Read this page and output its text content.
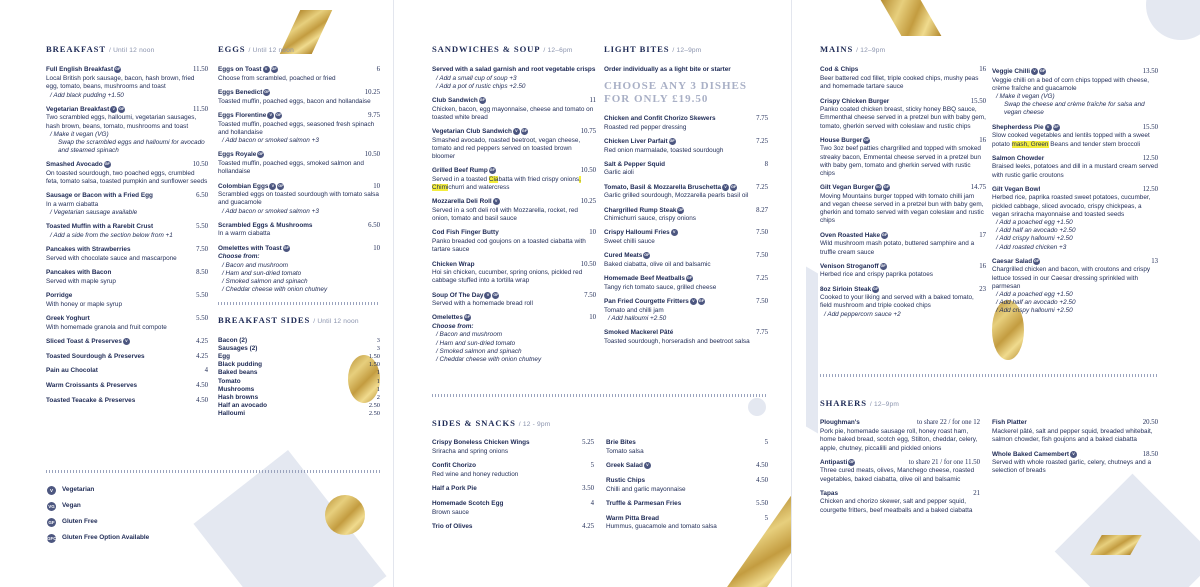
BREAKFAST / Until 12 noon
Full English Breakfast GF	11.50
Local British pork sausage, bacon, hash brown, fried egg, tomato, beans, mushrooms and toast
/ Add black pudding +1.50
Vegetarian Breakfast V GF	11.50
Two scrambled eggs, halloumi, vegetarian sausages, hash brown, beans, tomato, mushrooms and toast
/ Make it vegan (VG)
Swap the scrambled eggs and halloumi for avocado and steamed spinach
Smashed Avocado GF	10.50
On toasted sourdough, two poached eggs, crumbled feta, tomato salsa, toasted pumpkin and sunflower seeds
Sausage or Bacon with a Fried Egg	6.50
In a warm ciabatta
/ Vegetarian sausage available
Toasted Muffin with a Rarebit Crust	5.50
/ Add a side from the section below from +1
Pancakes with Strawberries	7.50
Served with chocolate sauce and mascarpone
Pancakes with Bacon	8.50
Served with maple syrup
Porridge	5.50
With honey or maple syrup
Greek Yoghurt	5.50
With homemade granola and fruit compote
Sliced Toast & Preserves V	4.25
Toasted Sourdough & Preserves	4.25
Pain au Chocolat	4
Warm Croissants & Preserves	4.50
Toasted Teacake & Preserves	4.50
EGGS / Until 12 noon
Eggs on Toast V GF	6
Choose from scrambled, poached or fried
Eggs Benedict GF	10.25
Toasted muffin, poached eggs, bacon and hollandaise
Eggs Florentine V GF	9.75
Toasted muffin, poached eggs, seasoned fresh spinach and hollandaise
/ Add bacon or smoked salmon +3
Eggs Royale GF	10.50
Toasted muffin, poached eggs, smoked salmon and hollandaise
Colombian Eggs V GF	10
Scrambled eggs on toasted sourdough with tomato salsa and guacamole
/ Add bacon or smoked salmon +3
Scrambled Eggs & Mushrooms	6.50
In a warm ciabatta
Omelettes with Toast GF	10
Choose from:
/ Bacon and mushroom
/ Ham and sun-dried tomato
/ Smoked salmon and spinach
/ Cheddar cheese with onion chutney
BREAKFAST SIDES / Until 12 noon
Bacon (2)	3
Sausages (2)	3
Egg	1.50
Black pudding	1.50
Baked beans	1
Tomato	1
Mushrooms	1
Hash browns	2
Half an avocado	2.50
Halloumi	2.50
V	Vegetarian
VG Vegan
GF Gluten Free
GFO Gluten Free Option Available
SANDWICHES & SOUP / 12–6pm
Served with a salad garnish and root vegetable crisps
/ Add a small cup of soup +3
/ Add a pot of rustic chips +2.50
Club Sandwich GF	11
Chicken, bacon, egg mayonnaise, cheese and tomato on toasted white bread
Vegetarian Club Sandwich V GF	10.75
Smashed avocado, roasted beetroot, vegan cheese, tomato and red peppers served on toasted brown bloomer
Grilled Beef Rump GF	10.50
Served in a toasted Ciabatta with fried crispy onions, Chimichurri and watercress
Mozzarella Deli Roll V	10.25
Served in a soft deli roll with Mozzarella, rocket, red onion, tomato and basil sauce
Cod Fish Finger Butty	10
Panko breaded cod goujons on a toasted ciabatta with tartare sauce
Chicken Wrap	10.50
Hoi sin chicken, cucumber, spring onions, pickled red cabbage stuffed into a tortilla wrap
Soup Of The Day V GF	7.50
Served with a homemade bread roll
Omelettes GF	10
Choose from:
/ Bacon and mushroom
/ Ham and sun-dried tomato
/ Smoked salmon and spinach
/ Cheddar cheese with onion chutney
LIGHT BITES / 12–9pm
Order individually as a light bite or starter
CHOOSE ANY 3 DISHES FOR ONLY £19.50
Chicken and Confit Chorizo Skewers	7.75
Roasted red pepper dressing
Chicken Liver Parfait GF	7.25
Red onion marmalade, toasted sourdough
Salt & Pepper Squid	8
Garlic aioli
Tomato, Basil & Mozzarella Bruschetta V GF	7.25
Garlic grilled sourdough, Mozzarella pearls basil oil
Chargrilled Rump Steak GF	8.27
Chimichurri sauce, crispy onions
Crispy Halloumi Fries V	7.50
Sweet chilli sauce
Cured Meats GF	7.50
Baked ciabatta, olive oil and balsamic
Homemade Beef Meatballs GF	7.25
Tangy rich tomato sauce, grilled cheese
Pan Fried Courgette Fritters V GF	7.50
Tomato and chilli jam
/ Add halloumi +2.50
Smoked Mackerel Pâté	7.75
Toasted sourdough, horseradish and beetroot salsa
SIDES & SNACKS / 12 - 9pm
Crispy Boneless Chicken Wings	5.25
Sriracha and spring onions
Confit Chorizo	5
Red wine and honey reduction
Half a Pork Pie	3.50
Homemade Scotch Egg	4
Brown sauce
Trio of Olives	4.25
Brie Bites	5
Tomato salsa
Greek Salad V	4.50
Rustic Chips	4.50
Chilli and garlic mayonnaise
Truffle & Parmesan Fries	5.50
Warm Pitta Bread	5
Hummus, guacamole and tomato salsa
MAINS / 12–9pm
Cod & Chips	16
Beer battered cod fillet, triple cooked chips, mushy peas and homemade tartare sauce
Crispy Chicken Burger	15.50
Panko coated chicken breast, sticky honey BBQ sauce, Emmenthal cheese served in a pretzel bun with baby gem, tomato, gherkin served with coleslaw and rustic chips
House Burger GF	16
Two 3oz beef patties chargrilled and topped with smoked streaky bacon, Emmental cheese served in a pretzel bun with baby gem, tomato and gherkin served with rustic chips
Gilt Vegan Burger VG GF	14.75
Moving Mountains burger topped with tomato chilli jam and vegan cheese served in a pretzel bun with baby gem, gherkin and tomato served with vegan coleslaw and rustic chips
Oven Roasted Hake GF	17
Wild mushroom mash potato, buttered samphire and a truffle cream sauce
Venison Stroganoff GF	16
Herbed rice and crispy paprika potatoes
8oz Sirloin Steak GF	23
Cooked to your liking and served with a baked tomato, field mushroom and triple cooked chips
/ Add peppercorn sauce +2
Veggie Chilli V GF	13.50
Veggie chilli on a bed of corn chips topped with cheese, crème fraîche and guacamole
/ Make it vegan (VG)
Swap the cheese and crème fraîche for salsa and vegan cheese
Shepherdess Pie V GF	15.50
Slow cooked vegetables and lentils topped with a sweet potato mash, Green Beans and tender stem broccoli
Salmon Chowder	12.50
Braised leeks, potatoes and dill in a mustard cream served with rustic garlic croutons
Gilt Vegan Bowl	12.50
Herbed rice, paprika roasted sweet potatoes, cucumber, pickled cabbage, sliced avocado, crispy chickpeas, a vegan sriracha mayonnaise and toasted seeds
/ Add a poached egg +1.50
/ Add half an avocado +2.50
/ Add crispy halloumi +2.50
/ Add roasted chicken +3
Caesar Salad GF	13
Chargrilled chicken and bacon, with croutons and crispy lettuce tossed in our Caesar dressing sprinkled with parmesan
/ Add a poached egg +1.50
/ Add half an avocado +2.50
/ Add crispy halloumi +2.50
SHARERS / 12–9pm
Ploughman's	to share 22 / for one 12
Pork pie, homemade sausage roll, honey roast ham, home baked bread, scotch egg, Stilton, cheddar, celery, apple, chutney, piccalilli and pickled onions
Antipasti GF	to share 21 / for one 11.50
Three cured meats, olives, Manchego cheese, roasted vegetables, baked ciabatta, olive oil and balsamic
Tapas	21
Chicken and chorizo skewer, salt and pepper squid, courgette fritters, beef meatballs and a baked ciabatta
Fish Platter	20.50
Mackerel pâté, salt and pepper squid, breaded whitebait, salmon chowder, fish goujons and a baked ciabatta
Whole Baked Camembert V	18.50
Served with whole roasted garlic, celery, chutneys and a selection of breads
